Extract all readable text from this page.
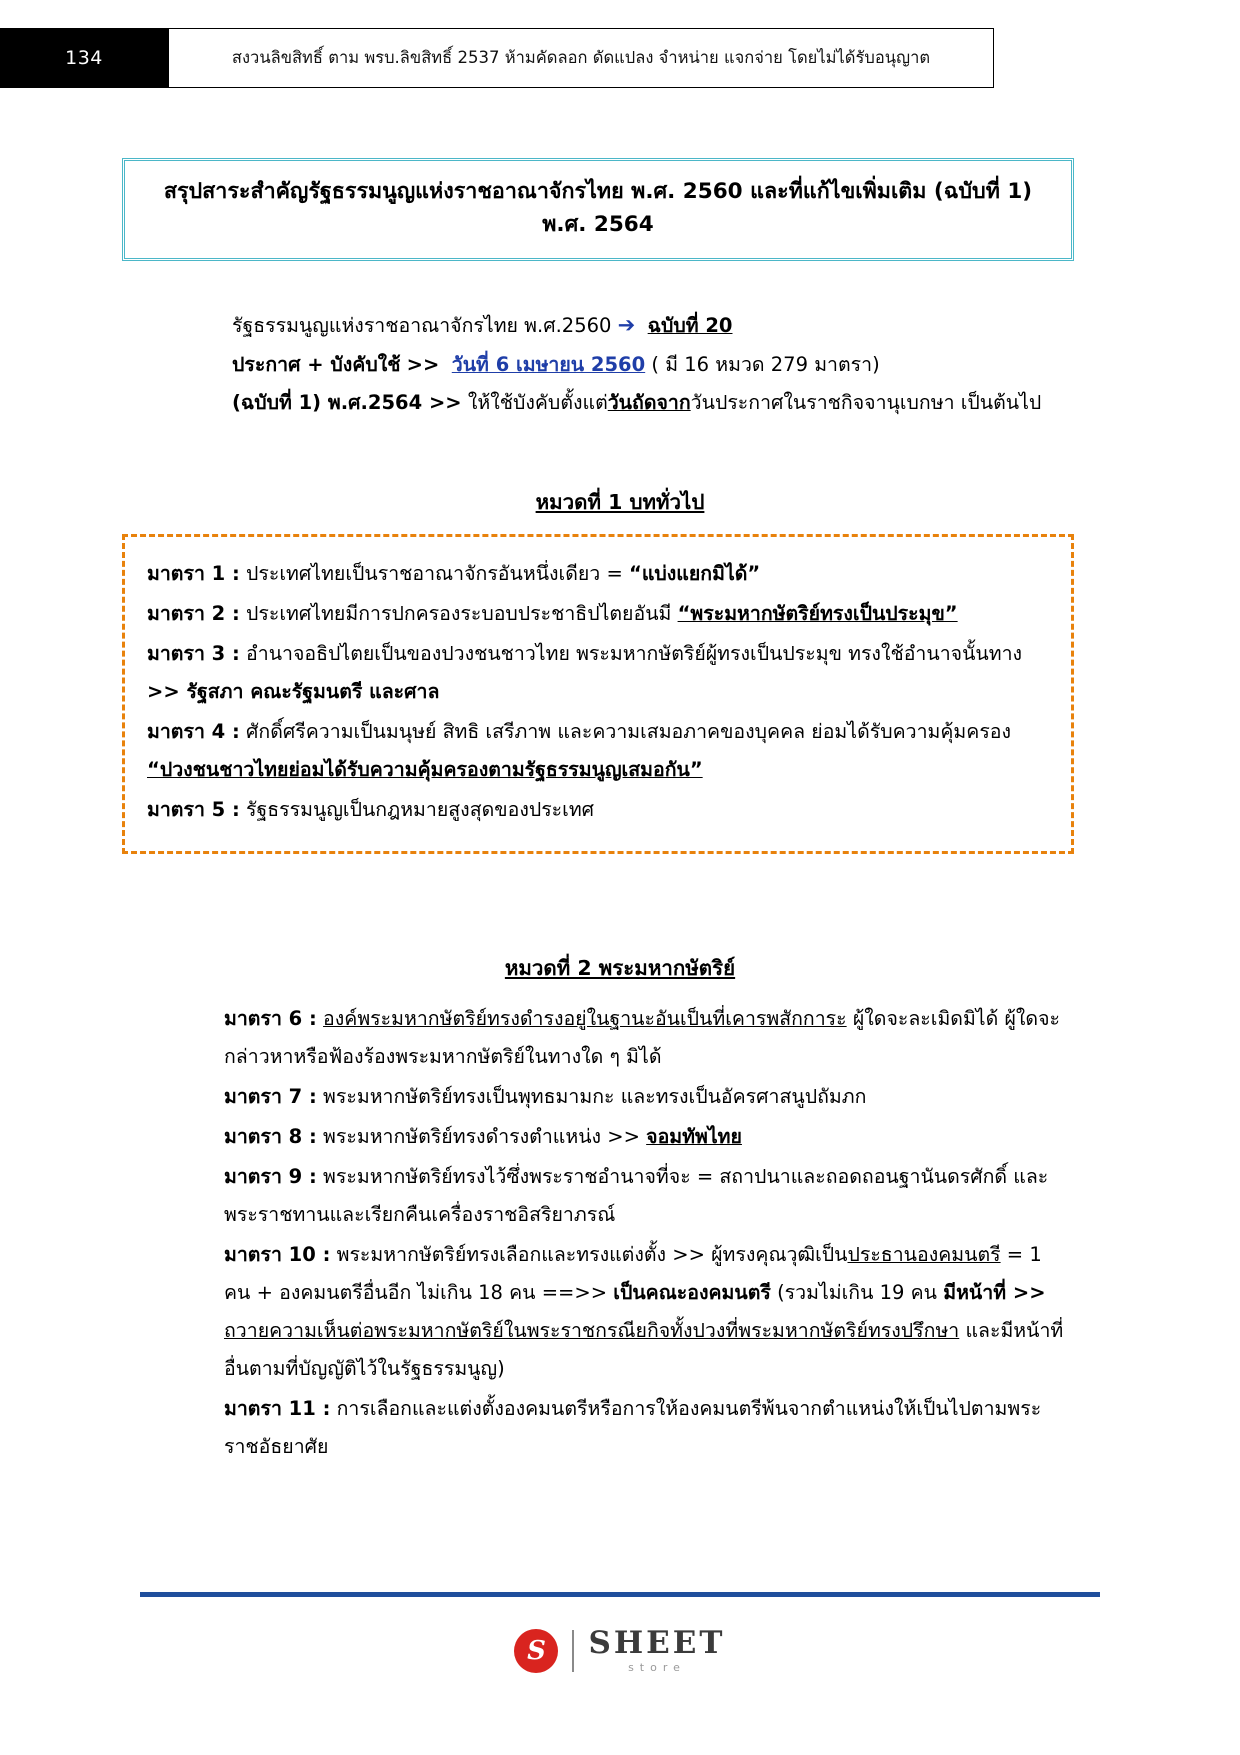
134	สงวนลิขสิทธิ์ ตาม พรบ.ลิขสิทธิ์ 2537 ห้ามคัดลอก ดัดแปลง จำหน่าย แจกจ่าย โดยไม่ได้รับอนุญาต
สรุปสาระสำคัญรัฐธรรมนูญแห่งราชอาณาจักรไทย พ.ศ. 2560 และที่แก้ไขเพิ่มเติม (ฉบับที่ 1) พ.ศ. 2564
รัฐธรรมนูญแห่งราชอาณาจักรไทย พ.ศ.2560 ➔ ฉบับที่ 20
ประกาศ + บังคับใช้ >> วันที่ 6 เมษายน 2560 ( มี 16 หมวด 279 มาตรา)
(ฉบับที่ 1) พ.ศ.2564 >> ให้ใช้บังคับตั้งแต่วันถัดจากวันประกาศในราชกิจจานุเบกษา เป็นต้นไป
หมวดที่ 1 บททั่วไป
มาตรา 1 : ประเทศไทยเป็นราชอาณาจักรอันหนึ่งเดียว = “แบ่งแยกมิได้”
มาตรา 2 : ประเทศไทยมีการปกครองระบอบประชาธิปไตยอันมี “พระมหากษัตริย์ทรงเป็นประมุข”
มาตรา 3 : อำนาจอธิปไตยเป็นของปวงชนชาวไทย พระมหากษัตริย์ผู้ทรงเป็นประมุข ทรงใช้อำนาจนั้นทาง
>> รัฐสภา คณะรัฐมนตรี และศาล
มาตรา 4 : ศักดิ์ศรีความเป็นมนุษย์ สิทธิ เสรีภาพ และความเสมอภาคของบุคคล ย่อมได้รับความคุ้มครอง
“ปวงชนชาวไทยย่อมได้รับความคุ้มครองตามรัฐธรรมนูญเสมอกัน”
มาตรา 5 : รัฐธรรมนูญเป็นกฎหมายสูงสุดของประเทศ
หมวดที่ 2 พระมหากษัตริย์

มาตรา 6 : องค์พระมหากษัตริย์ทรงดำรงอยู่ในฐานะอันเป็นที่เคารพสักการะ ผู้ใดจะละเมิดมิได้ ผู้ใดจะกล่าวหาหรือฟ้องร้องพระมหากษัตริย์ในทางใด ๆ มิได้

มาตรา 7 : พระมหากษัตริย์ทรงเป็นพุทธมามกะ และทรงเป็นอัครศาสนูปถัมภก

มาตรา 8 : พระมหากษัตริย์ทรงดำรงตำแหน่ง >> จอมทัพไทย

มาตรา 9 : พระมหากษัตริย์ทรงไว้ซึ่งพระราชอำนาจที่จะ = สถาปนาและถอดถอนฐานันดรศักดิ์ และพระราชทานและเรียกคืนเครื่องราชอิสริยาภรณ์

มาตรา 10 : พระมหากษัตริย์ทรงเลือกและทรงแต่งตั้ง >> ผู้ทรงคุณวุฒิเป็นประธานองคมนตรี = 1 คน + องคมนตรีอื่นอีก ไม่เกิน 18 คน ==>> เป็นคณะองคมนตรี (รวมไม่เกิน 19 คน มีหน้าที่ >> ถวายความเห็นต่อพระมหากษัตริย์ในพระราชกรณียกิจทั้งปวงที่พระมหากษัตริย์ทรงปรึกษา และมีหน้าที่อื่นตามที่บัญญัติไว้ในรัฐธรรมนูญ)

มาตรา 11 : การเลือกและแต่งตั้งองคมนตรีหรือการให้องคมนตรีพ้นจากตำแหน่งให้เป็นไปตามพระราชอัธยาศัย

S	SHEET
store
